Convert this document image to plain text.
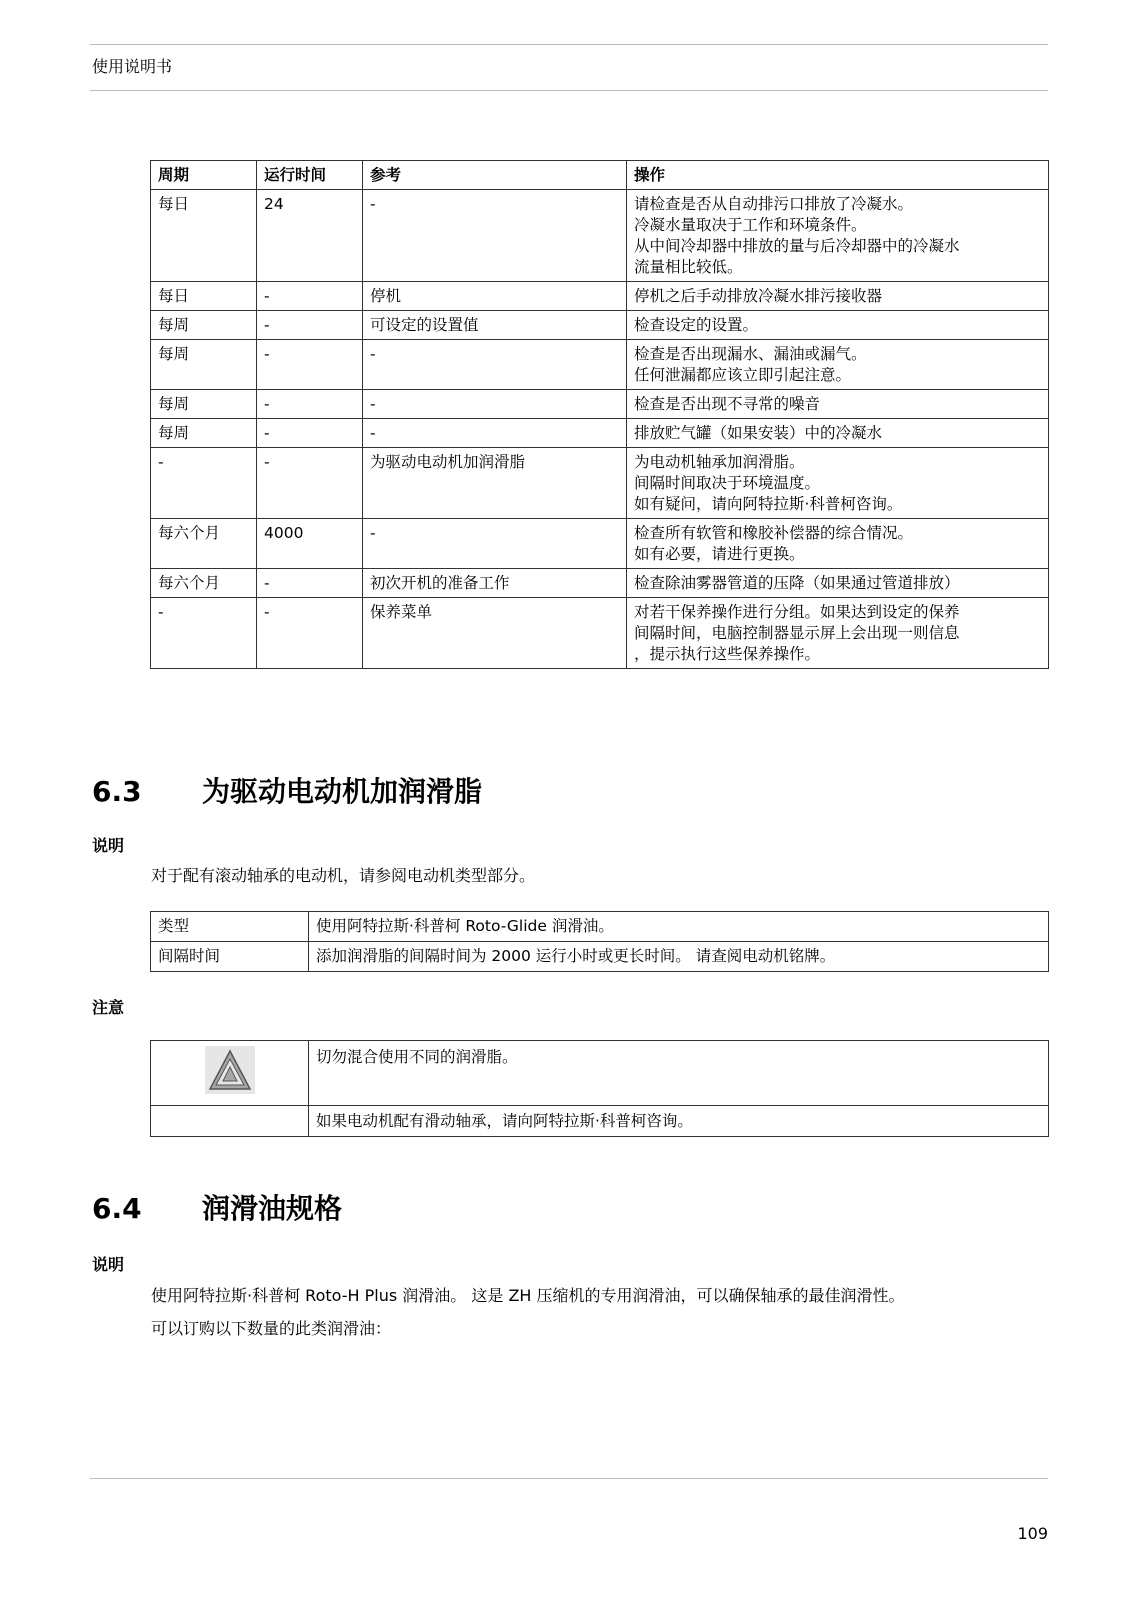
使用说明书
周期	运行时间	参考	操作
每日	24	-	请检查是否从自动排污口排放了冷凝水。
冷凝水量取决于工作和环境条件。
从中间冷却器中排放的量与后冷却器中的冷凝水
流量相比较低。

每日	-	停机	停机之后手动排放冷凝水排污接收器

每周	-	可设定的设置值	检查设定的设置。

每周	-	-	检查是否出现漏水、漏油或漏气。
任何泄漏都应该立即引起注意。

每周	-	-	检查是否出现不寻常的噪音

每周	-	-	排放贮气罐（如果安装）中的冷凝水

-	-	为驱动电动机加润滑脂	为电动机轴承加润滑脂。
间隔时间取决于环境温度。
如有疑问，请向阿特拉斯·科普柯咨询。

每六个月	4000	-	检查所有软管和橡胶补偿器的综合情况。
如有必要，请进行更换。

每六个月	-	初次开机的准备工作	检查除油雾器管道的压降（如果通过管道排放）

-	-	保养菜单	对若干保养操作进行分组。如果达到设定的保养
间隔时间，电脑控制器显示屏上会出现一则信息
，提示执行这些保养操作。
6.3 为驱动电动机加润滑脂
说明
对于配有滚动轴承的电动机，请参阅电动机类型部分。
类型	使用阿特拉斯·科普柯 Roto-Glide 润滑油。
间隔时间	添加润滑脂的间隔时间为 2000 运行小时或更长时间。 请查阅电动机铭牌。
注意
	切勿混合使用不同的润滑脂。
	如果电动机配有滑动轴承，请向阿特拉斯·科普柯咨询。
6.4 润滑油规格
说明
使用阿特拉斯·科普柯 Roto-H Plus 润滑油。 这是 ZH 压缩机的专用润滑油，可以确保轴承的最佳润滑性。
可以订购以下数量的此类润滑油：
109
